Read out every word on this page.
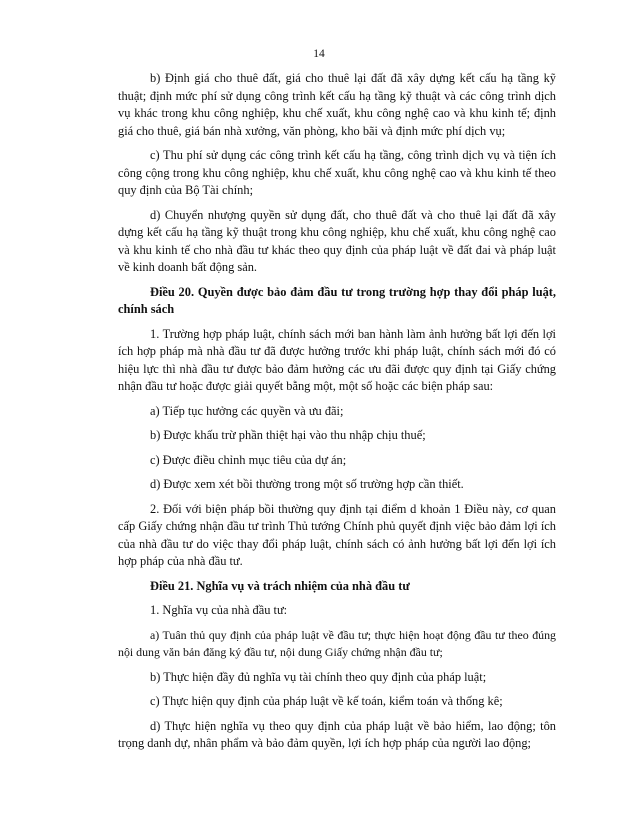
14

b) Định giá cho thuê đất, giá cho thuê lại đất đã xây dựng kết cấu hạ tầng kỹ thuật; định mức phí sử dụng công trình kết cấu hạ tầng kỹ thuật và các công trình dịch vụ khác trong khu công nghiệp, khu chế xuất, khu công nghệ cao và khu kinh tế; định giá cho thuê, giá bán nhà xưởng, văn phòng, kho bãi và định mức phí dịch vụ;

c) Thu phí sử dụng các công trình kết cấu hạ tầng, công trình dịch vụ và tiện ích công cộng trong khu công nghiệp, khu chế xuất, khu công nghệ cao và khu kinh tế theo quy định của Bộ Tài chính;

d) Chuyển nhượng quyền sử dụng đất, cho thuê đất và cho thuê lại đất đã xây dựng kết cấu hạ tầng kỹ thuật trong khu công nghiệp, khu chế xuất, khu công nghệ cao và khu kinh tế cho nhà đầu tư khác theo quy định của pháp luật về đất đai và pháp luật về kinh doanh bất động sản.

Điều 20. Quyền được bảo đảm đầu tư trong trường hợp thay đổi pháp luật, chính sách

1. Trường hợp pháp luật, chính sách mới ban hành làm ảnh hưởng bất lợi đến lợi ích hợp pháp mà nhà đầu tư đã được hưởng trước khi pháp luật, chính sách mới đó có hiệu lực thì nhà đầu tư được bảo đảm hưởng các ưu đãi được quy định tại Giấy chứng nhận đầu tư hoặc được giải quyết bằng một, một số hoặc các biện pháp sau:

a) Tiếp tục hưởng các quyền và ưu đãi;

b) Được khấu trừ phần thiệt hại vào thu nhập chịu thuế;

c) Được điều chỉnh mục tiêu của dự án;

d) Được xem xét bồi thường trong một số trường hợp cần thiết.

2. Đối với biện pháp bồi thường quy định tại điểm d khoản 1 Điều này, cơ quan cấp Giấy chứng nhận đầu tư trình Thủ tướng Chính phủ quyết định việc bảo đảm lợi ích của nhà đầu tư do việc thay đổi pháp luật, chính sách có ảnh hưởng bất lợi đến lợi ích hợp pháp của nhà đầu tư.

Điều 21. Nghĩa vụ và trách nhiệm của nhà đầu tư

1. Nghĩa vụ của nhà đầu tư:

a) Tuân thủ quy định của pháp luật về đầu tư; thực hiện hoạt động đầu tư theo đúng nội dung văn bản đăng ký đầu tư, nội dung Giấy chứng nhận đầu tư;

b) Thực hiện đầy đủ nghĩa vụ tài chính theo quy định của pháp luật;

c) Thực hiện quy định của pháp luật về kế toán, kiểm toán và thống kê;

d) Thực hiện nghĩa vụ theo quy định của pháp luật về bảo hiểm, lao động; tôn trọng danh dự, nhân phẩm và bảo đảm quyền, lợi ích hợp pháp của người lao động;
